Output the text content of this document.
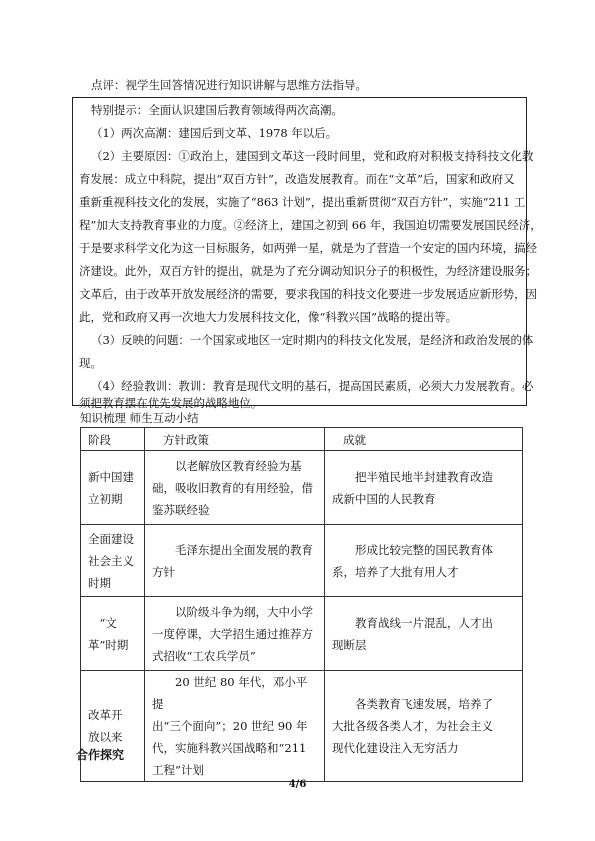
点评：视学生回答情况进行知识讲解与思维方法指导。
特别提示：全面认识建国后教育领域得两次高潮。
（1）两次高潮：建国后到文革、1978 年以后。
（2）主要原因：①政治上，建国到文革这一段时间里，党和政府对积极支持科技文化教
育发展：成立中科院，提出“双百方针”，改造发展教育。而在“文革”后，国家和政府又
重新重视科技文化的发展，实施了“863 计划”，提出重新贯彻“双百方针”，实施“211 工
程”加大支持教育事业的力度。②经济上，建国之初到 66 年，我国迫切需要发展国民经济，
于是要求科学文化为这一目标服务，如两弹一星，就是为了营造一个安定的国内环境，搞经
济建设。此外，双百方针的提出，就是为了充分调动知识分子的积极性，为经济建设服务；
文革后，由于改革开放发展经济的需要，要求我国的科技文化要进一步发展适应新形势，因
此，党和政府又再一次地大力发展科技文化，像“科教兴国”战略的提出等。
（3）反映的问题：一个国家或地区一定时期内的科技文化发展，是经济和政治发展的体
现。
（4）经验教训：教训：教育是现代文明的基石，提高国民素质，必须大力发展教育。必
须把教育摆在优先发展的战略地位。
知识梳理 师生互动小结
阶段	方针政策	成就

新中国建
立初期	　　以老解放区教育经验为基
础，吸收旧教育的有用经验，借
鉴苏联经验	　　把半殖民地半封建教育改造
成新中国的人民教育

全面建设
社会主义
时期	　　毛泽东提出全面发展的教育
方针	　　形成比较完整的国民教育体
系，培养了大批有用人才

　“文
革”时期	　　以阶级斗争为纲，大中小学
一度停课，大学招生通过推荐方
式招收“工农兵学员”	　　教育战线一片混乱，人才出
现断层

改革开
放以来	　　20 世纪 80 年代，邓小平提
出“三个面向”；20 世纪 90 年
代，实施科教兴国战略和“211
工程”计划	　　各类教育飞速发展，培养了
大批各级各类人才，为社会主义
现代化建设注入无穷活力
合作探究
4/6
